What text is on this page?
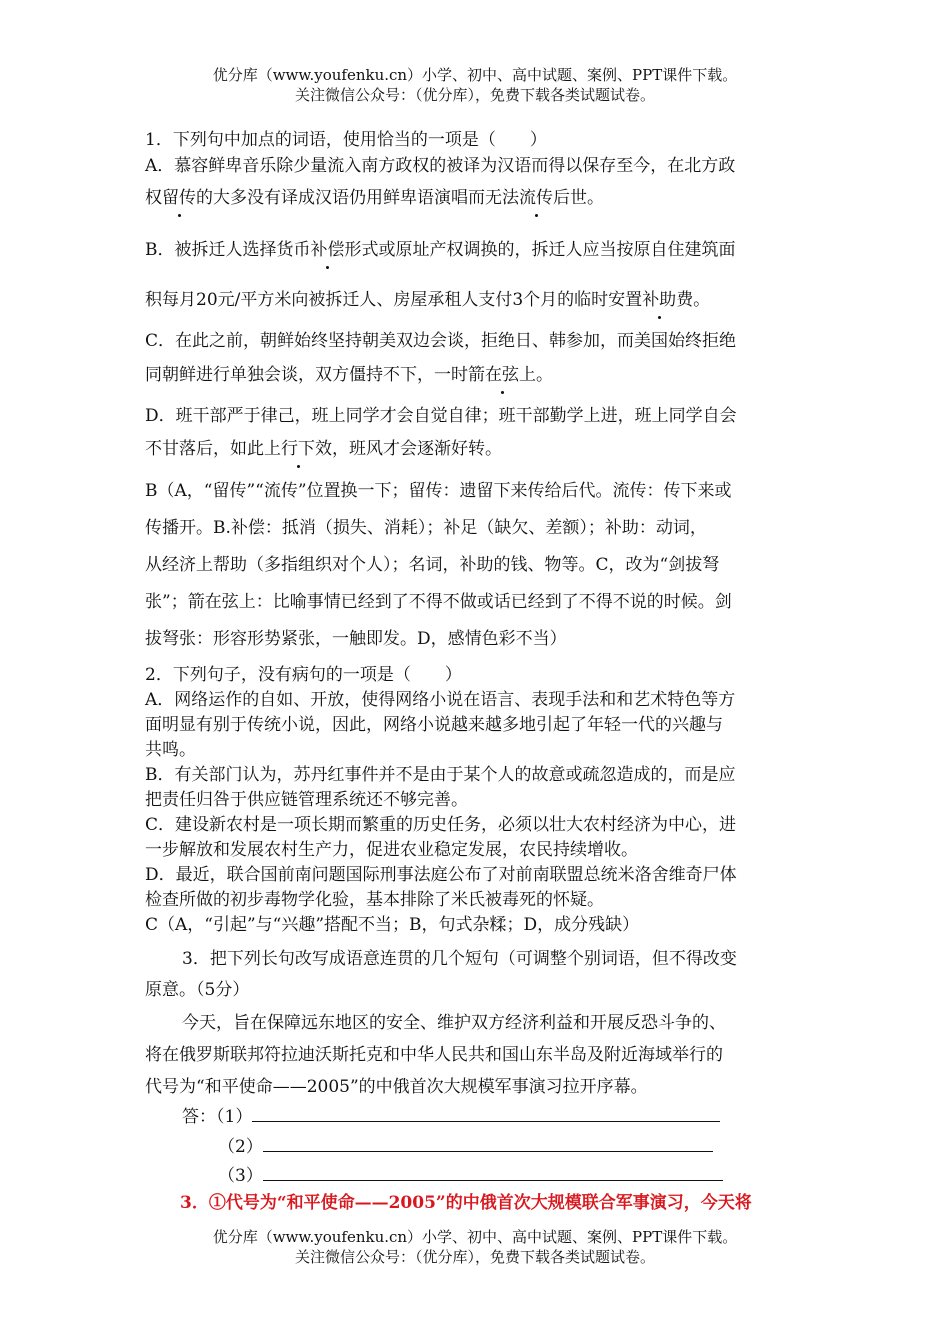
优分库（www.youfenku.cn）小学、初中、高中试题、案例、PPT课件下载。
关注微信公众号：（优分库），免费下载各类试题试卷。
1．下列句中加点的词语，使用恰当的一项是（　　）
A．慕容鲜卑音乐除少量流入南方政权的被译为汉语而得以保存至今，在北方政
权留传的大多没有译成汉语仍用鲜卑语演唱而无法流传后世。
B．被拆迁人选择货币补偿形式或原址产权调换的，拆迁人应当按原自住建筑面
积每月20元/平方米向被拆迁人、房屋承租人支付3个月的临时安置补助费。
C．在此之前，朝鲜始终坚持朝美双边会谈，拒绝日、韩参加，而美国始终拒绝
同朝鲜进行单独会谈，双方僵持不下，一时箭在弦上。
D．班干部严于律己，班上同学才会自觉自律；班干部勤学上进，班上同学自会
不甘落后，如此上行下效，班风才会逐渐好转。
B（A，“留传”“流传”位置换一下；留传：遗留下来传给后代。流传：传下来或
传播开。B.补偿：抵消（损失、消耗）；补足（缺欠、差额）；补助：动词，
从经济上帮助（多指组织对个人）；名词，补助的钱、物等。C，改为“剑拔弩
张”；箭在弦上：比喻事情已经到了不得不做或话已经到了不得不说的时候。剑
拔弩张：形容形势紧张，一触即发。D，感情色彩不当）
2．下列句子，没有病句的一项是（　　）
A．网络运作的自如、开放，使得网络小说在语言、表现手法和和艺术特色等方
面明显有别于传统小说，因此，网络小说越来越多地引起了年轻一代的兴趣与
共鸣。
B．有关部门认为，苏丹红事件并不是由于某个人的故意或疏忽造成的，而是应
把责任归咎于供应链管理系统还不够完善。
C．建设新农村是一项长期而繁重的历史任务，必须以壮大农村经济为中心，进
一步解放和发展农村生产力，促进农业稳定发展，农民持续增收。
D．最近，联合国前南问题国际刑事法庭公布了对前南联盟总统米洛舍维奇尸体
检查所做的初步毒物学化验，基本排除了米氏被毒死的怀疑。
C（A，“引起”与“兴趣”搭配不当；B，句式杂糅；D，成分残缺）
3．把下列长句改写成语意连贯的几个短句（可调整个别词语，但不得改变
原意。（5分）
今天，旨在保障远东地区的安全、维护双方经济利益和开展反恐斗争的、
将在俄罗斯联邦符拉迪沃斯托克和中华人民共和国山东半岛及附近海域举行的
代号为“和平使命——2005”的中俄首次大规模军事演习拉开序幕。
答：（1）
（2）
（3）
3．①代号为“和平使命——2005”的中俄首次大规模联合军事演习，今天将
优分库（www.youfenku.cn）小学、初中、高中试题、案例、PPT课件下载。
关注微信公众号：（优分库），免费下载各类试题试卷。
